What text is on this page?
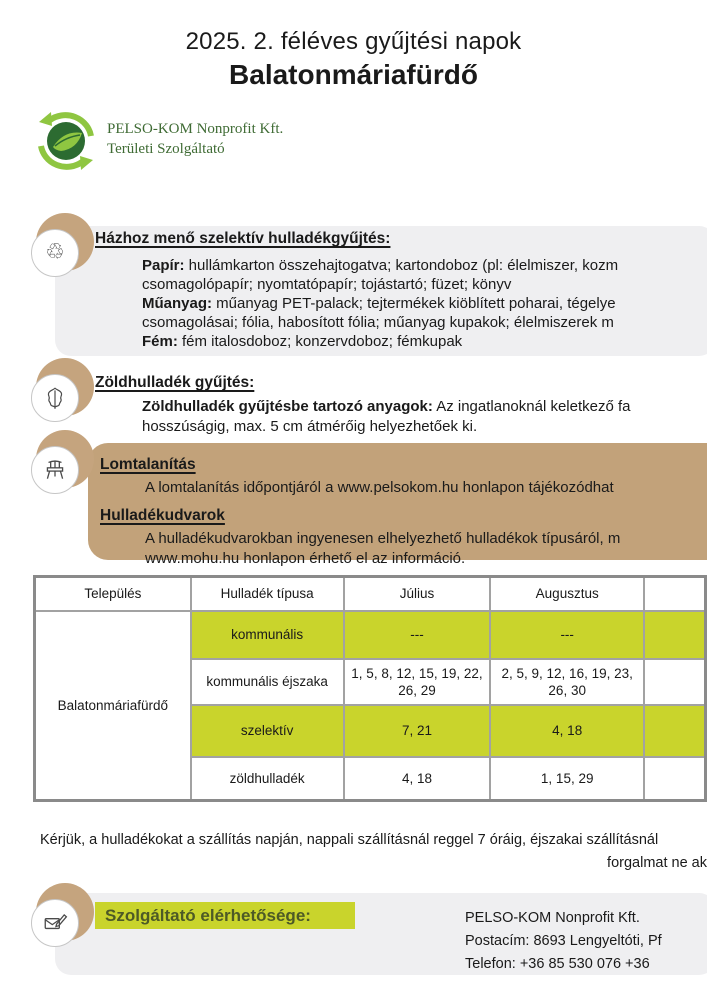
2025. 2. féléves gyűjtési napok
Balatonmáriafürdő
PELSO-KOM Nonprofit Kft.
Területi Szolgáltató
♲
Házhoz menő szelektív hulladékgyűjtés:
Papír: hullámkarton összehajtogatva; kartondoboz (pl: élelmiszer, kozm
csomagolópapír; nyomtatópapír; tojástartó; füzet; könyv
Műanyag: műanyag PET-palack; tejtermékek kiöblített poharai, tégelye
csomagolásai; fólia, habosított fólia; műanyag kupakok; élelmiszerek m
Fém: fém italosdoboz; konzervdoboz; fémkupak
Zöldhulladék gyűjtés:
Zöldhulladék gyűjtésbe tartozó anyagok: Az ingatlanoknál keletkező fa
hosszúságig, max. 5 cm átmérőig helyezhetőek ki.
Lomtalanítás
A lomtalanítás időpontjáról a www.pelsokom.hu honlapon tájékozódhat
Hulladékudvarok
A hulladékudvarokban ingyenesen elhelyezhető hulladékok típusáról, m
www.mohu.hu honlapon érhető el az információ.
Település	Hulladék típusa	Július	Augusztus	
Balatonmáriafürdő	kommunális	---	---	
	kommunális éjszaka	1, 5, 8, 12, 15, 19, 22, 26, 29	2, 5, 9, 12, 16, 19, 23, 26, 30	
	szelektív	7, 21	4, 18	
	zöldhulladék	4, 18	1, 15, 29	
Kérjük, a hulladékokat a szállítás napján, nappali szállításnál reggel 7 óráig, éjszakai szállításnál
forgalmat ne ak
Szolgáltató elérhetősége:	PELSO-KOM Nonprofit Kft.
Postacím: 8693 Lengyeltóti, Pf
Telefon: +36 85 530 076 +36
